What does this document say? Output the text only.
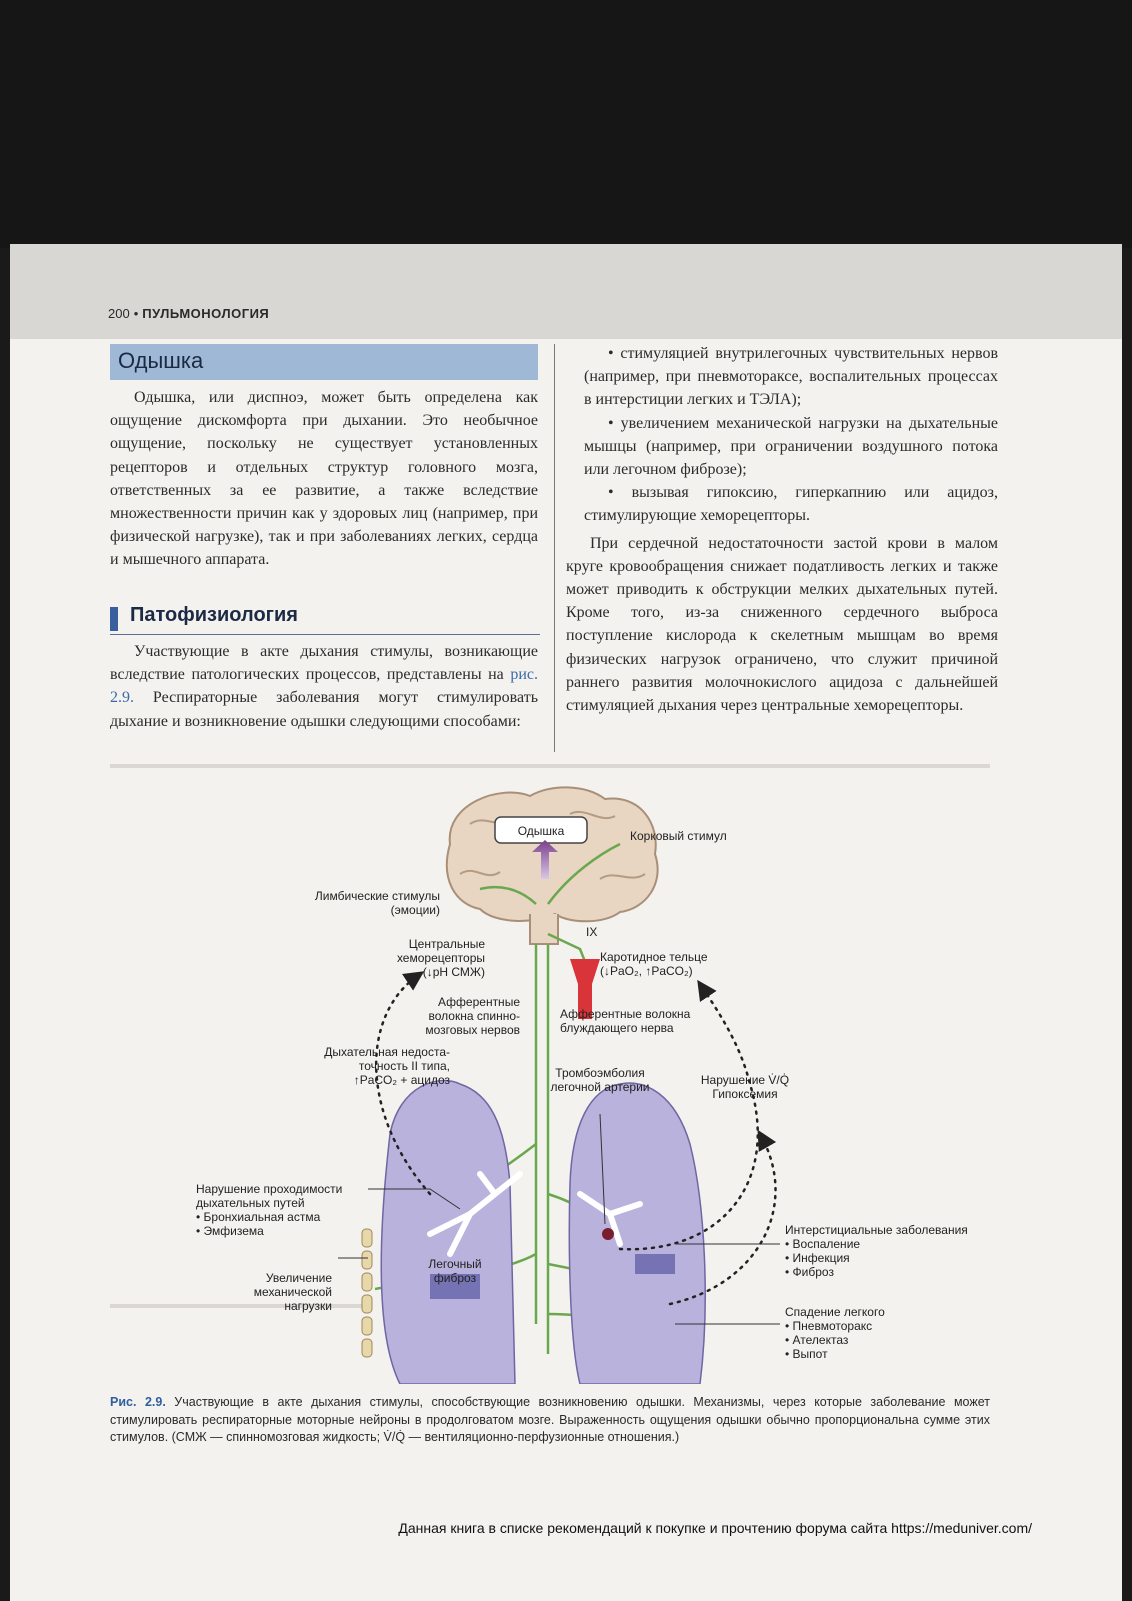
200 • ПУЛЬМОНОЛОГИЯ
Одышка

Одышка, или диспноэ, может быть определена как ощущение дискомфорта при дыхании. Это необычное ощущение, поскольку не существует установленных рецепторов и отдельных структур головного мозга, ответственных за ее развитие, а также вследствие множественности причин как у здоровых лиц (например, при физической нагрузке), так и при заболеваниях легких, сердца и мышечного аппарата.

Патофизиология

Участвующие в акте дыхания стимулы, возникающие вследствие патологических процессов, представлены на рис. 2.9. Респираторные заболевания могут стимулировать дыхание и возникновение одышки следующими способами:

• стимуляцией внутрилегочных чувствительных нервов (например, при пневмотораксе, воспалительных процессах в интерстиции легких и ТЭЛА);

• увеличением механической нагрузки на дыхательные мышцы (например, при ограничении воздушного потока или легочном фиброзе);

• вызывая гипоксию, гиперкапнию или ацидоз, стимулирующие хеморецепторы.

При сердечной недостаточности застой крови в малом круге кровообращения снижает податливость легких и также может приводить к обструкции мелких дыхательных путей. Кроме того, из-за сниженного сердечного выброса поступление кислорода к скелетным мышцам во время физических нагрузок ограничено, что служит причиной раннего развития молочнокислого ацидоза с дальнейшей стимуляцией дыхания через центральные хеморецепторы.

Одышка	Корковый стимул
Лимбические стимулы
(эмоции)
IX
Центральные
хеморецепторы
(↓pH СМЖ)
Каротидное тельце
(↓PaO₂, ↑PaCO₂)
Афферентные
волокна спинно-
мозговых нервов
Афферентные волокна
блуждающего нерва
Дыхательная недоста-
точность II типа,
↑PaCO₂ + ацидоз	Тромбоэмболия
легочной артерии	Нарушение V̇/Q̇
Гипоксемия
Нарушение проходимости
дыхательных путей
• Бронхиальная астма
• Эмфизема	Интерстициальные заболевания
• Воспаление
• Инфекция
• Фиброз
Увеличение
механической
нагрузки
Легочный
фиброз
Спадение легкого
• Пневмоторакс
• Ателектаз
• Выпот
Рис. 2.9. Участвующие в акте дыхания стимулы, способствующие возникновению одышки. Механизмы, через которые заболевание может стимулировать респираторные моторные нейроны в продолговатом мозге. Выраженность ощущения одышки обычно пропорциональна сумме этих стимулов. (СМЖ — спинномозговая жидкость; V̇/Q̇ — вентиляционно-перфузионные отношения.)
Данная книга в списке рекомендаций к покупке и прочтению форума сайта https://meduniver.com/
